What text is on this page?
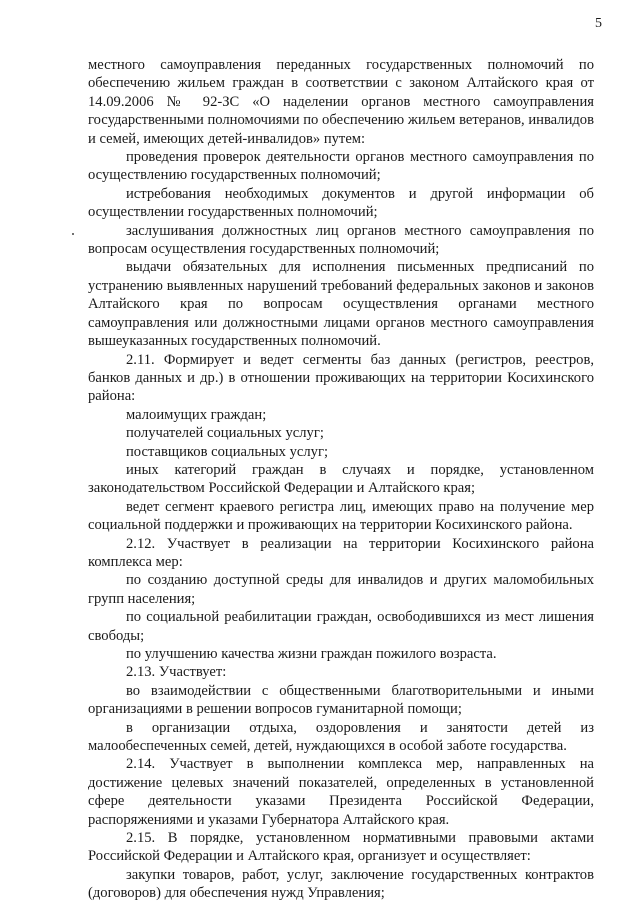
5

местного самоуправления переданных государственных полномочий по обеспечению жильем граждан в соответствии с законом Алтайского края от 14.09.2006 № 92-ЗС «О наделении органов местного самоуправления государственными полномочиями по обеспечению жильем ветеранов, инвалидов и семей, имеющих детей-инвалидов» путем:

проведения проверок деятельности органов местного самоуправления по осуществлению государственных полномочий;

истребования необходимых документов и другой информации об осуществлении государственных полномочий;

заслушивания должностных лиц органов местного самоуправления по вопросам осуществления государственных полномочий;

выдачи обязательных для исполнения письменных предписаний по устранению выявленных нарушений требований федеральных законов и законов Алтайского края по вопросам осуществления органами местного самоуправления или должностными лицами органов местного самоуправления вышеуказанных государственных полномочий.

2.11. Формирует и ведет сегменты баз данных (регистров, реестров, банков данных и др.) в отношении проживающих на территории Косихинского района:

малоимущих граждан;

получателей социальных услуг;

поставщиков социальных услуг;

иных категорий граждан в случаях и порядке, установленном законодательством Российской Федерации и Алтайского края;

ведет сегмент краевого регистра лиц, имеющих право на получение мер социальной поддержки и проживающих на территории Косихинского района.

2.12. Участвует в реализации на территории Косихинского района комплекса мер:

по созданию доступной среды для инвалидов и других маломобильных групп населения;

по социальной реабилитации граждан, освободившихся из мест лишения свободы;

по улучшению качества жизни граждан пожилого возраста.

2.13. Участвует:

во взаимодействии с общественными благотворительными и иными организациями в решении вопросов гуманитарной помощи;

в организации отдыха, оздоровления и занятости детей из малообеспеченных семей, детей, нуждающихся в особой заботе государства.

2.14. Участвует в выполнении комплекса мер, направленных на достижение целевых значений показателей, определенных в установленной сфере деятельности указами Президента Российской Федерации, распоряжениями и указами Губернатора Алтайского края.

2.15. В порядке, установленном нормативными правовыми актами Российской Федерации и Алтайского края, организует и осуществляет:

закупки товаров, работ, услуг, заключение государственных контрактов (договоров) для обеспечения нужд Управления;
